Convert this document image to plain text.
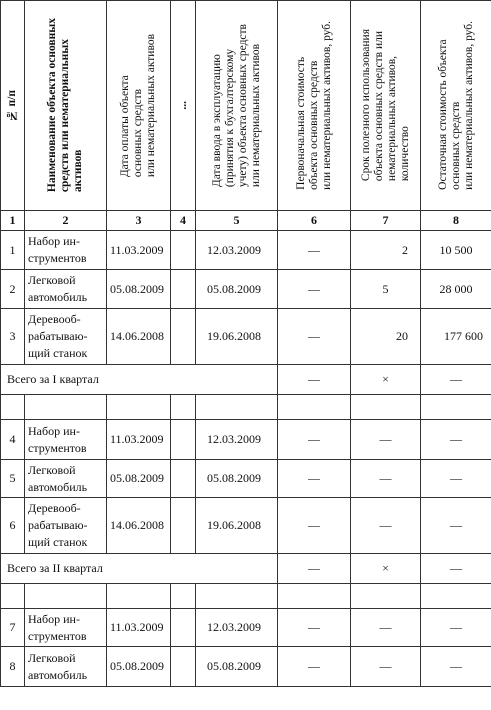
№ п/п	Наименование объекта основных
средств или нематериальных
активов	Дата оплаты объекта
основных средств
или нематериальных активов	...	Дата ввода в эксплуатацию
(принятия к бухгалтерскому
учету) объекта основных средств
или нематериальных активов	Первоначальная стоимость
объекта основных средств
или нематериальных активов, руб.	Срок полезного использования
объекта основных средств или
нематериальных активов,
количество	Остаточная стоимость объекта
основных средств
или нематериальных активов, руб.

1	2	3	4	5	6	7	8
1	Набор ин-
струментов	11.03.2009		12.03.2009	—	2	10 500
2	Легковой
автомобиль	05.08.2009		05.08.2009	—	5	28 000
3	Деревооб-
рабатываю-
щий станок	14.06.2008		19.06.2008	—	20	177 600
Всего за I квартал					—	×	—

4	Набор ин-
струментов	11.03.2009		12.03.2009	—	—	—
5	Легковой
автомобиль	05.08.2009		05.08.2009	—	—	—
6	Деревооб-
рабатываю-
щий станок	14.06.2008		19.06.2008	—	—	—
Всего за II квартал					—	×	—

7	Набор ин-
струментов	11.03.2009		12.03.2009	—	—	—
8	Легковой
автомобиль	05.08.2009		05.08.2009	—	—	—
